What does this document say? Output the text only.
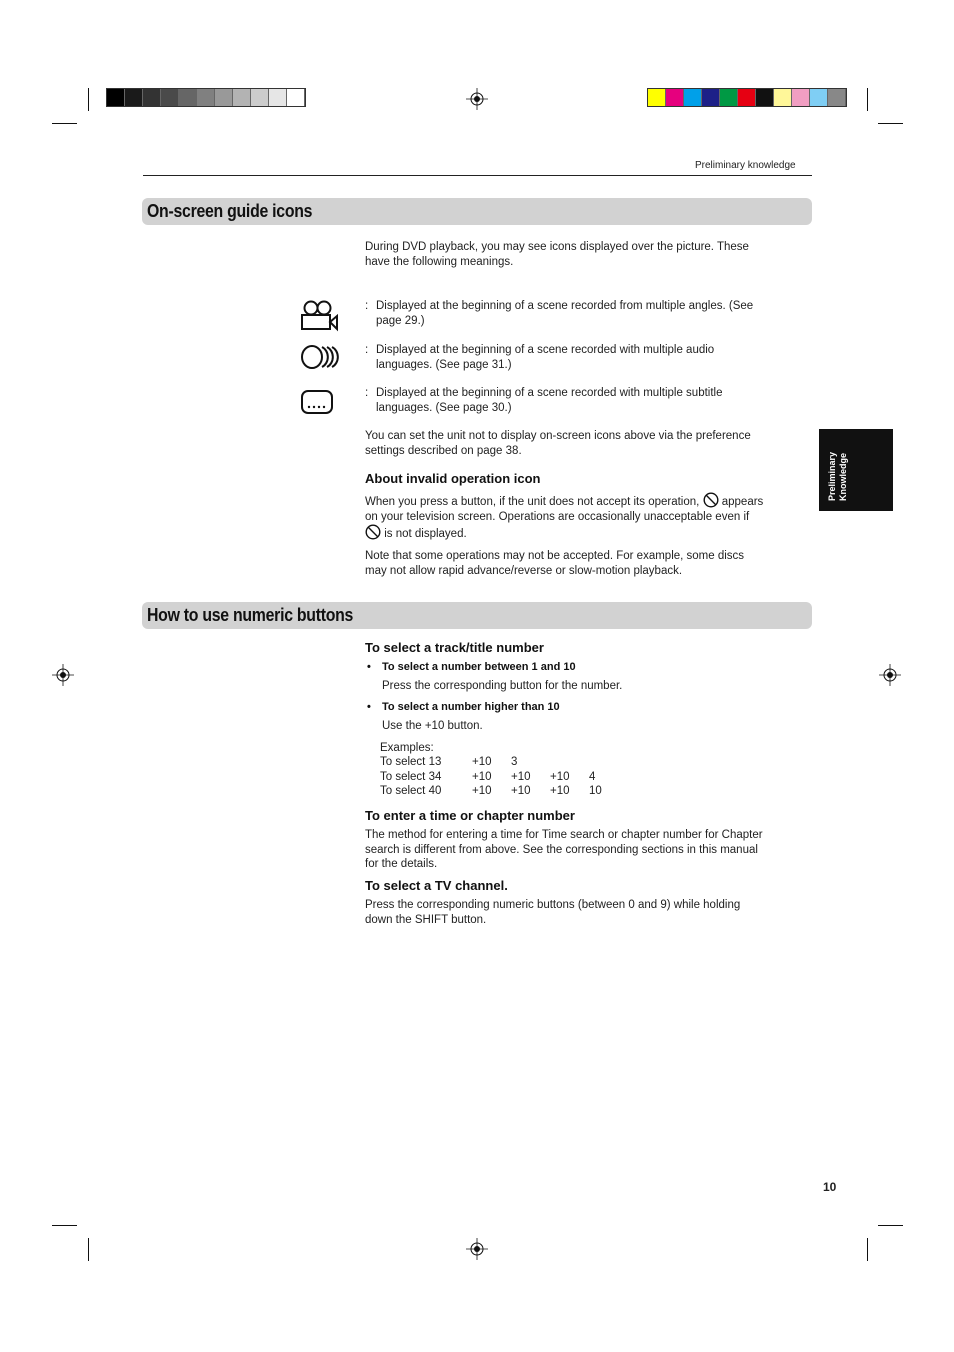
Preliminary knowledge
Preliminary Knowledge
On-screen guide icons
During DVD playback, you may see icons displayed over the picture. These
have the following meanings.
: Displayed at the beginning of a scene recorded from multiple angles. (See
page 29.)
: Displayed at the beginning of a scene recorded with multiple audio
languages. (See page 31.)
: Displayed at the beginning of a scene recorded with multiple subtitle
languages. (See page 30.)
You can set the unit not to display on-screen icons above via the preference
settings described on page 38.
About invalid operation icon
When you press a button, if the unit does not accept its operation, appears
on your television screen. Operations are occasionally unacceptable even if
is not displayed.
Note that some operations may not be accepted. For example, some discs
may not allow rapid advance/reverse or slow-motion playback.
How to use numeric buttons
To select a track/title number
• To select a number between 1 and 10
Press the corresponding button for the number.
• To select a number higher than 10
Use the +10 button.
Examples:
To select 13	+10 3
To select 34	+10 +10 +10 4
To select 40	+10 +10 +10 10
To enter a time or chapter number
The method for entering a time for Time search or chapter number for Chapter
search is different from above. See the corresponding sections in this manual
for the details.
To select a TV channel.
Press the corresponding numeric buttons (between 0 and 9) while holding
down the SHIFT button.
10
